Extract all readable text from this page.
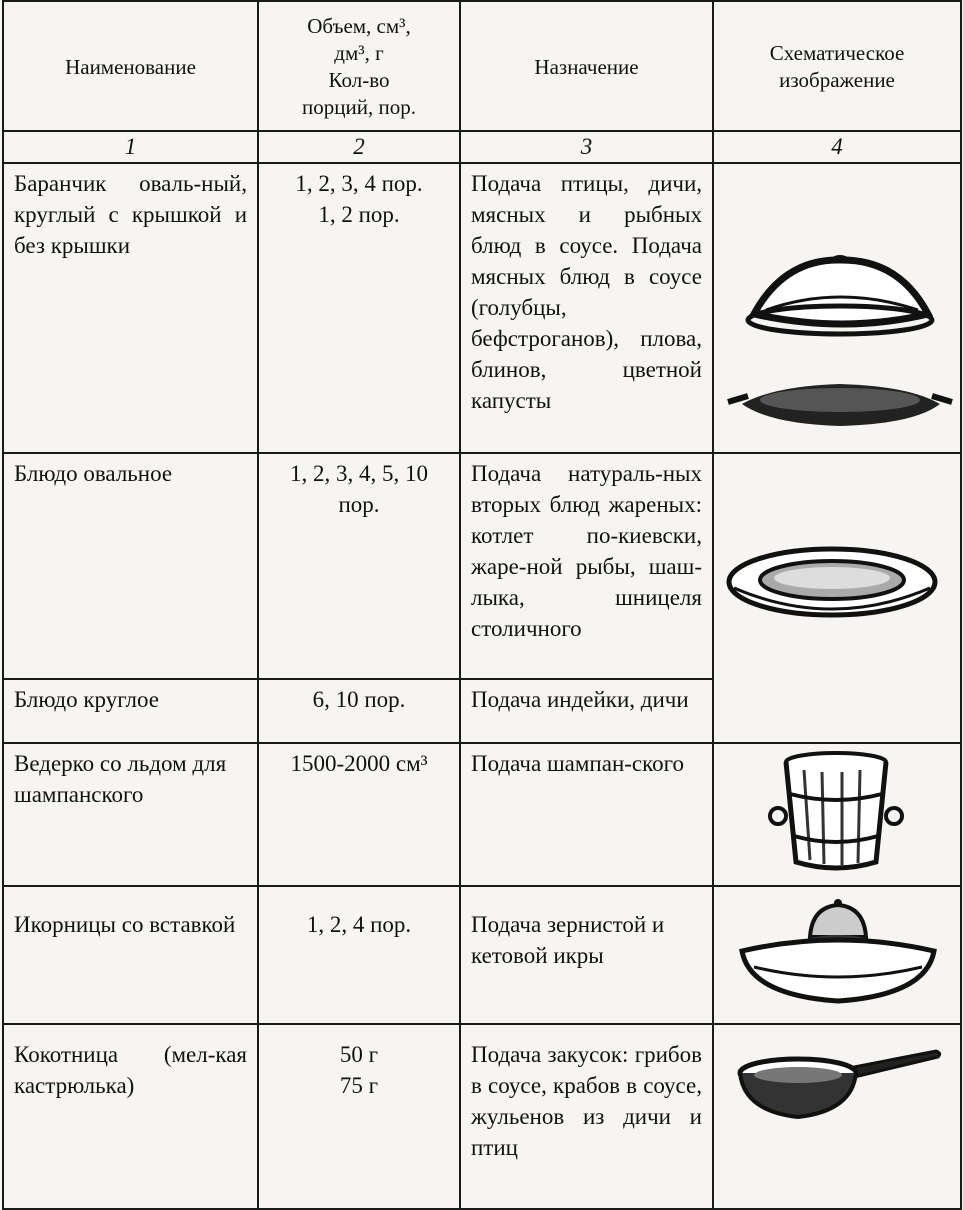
Наименование	Объем, см³,
дм³, г
Кол-во
порций, пор.	Назначение	Схематическое
изображение

1	2	3	4
Баранчик оваль-ный, круглый с крышкой и без крышки	1, 2, 3, 4 пор.
1, 2 пор.	Подача птицы, дичи, мясных и рыбных блюд в соусе. Подача мясных блюд в соусе (голубцы, бефстроганов), плова, блинов, цветной капусты	

Блюдо овальное	1, 2, 3, 4, 5, 10
пор.	Подача натураль-ных вторых блюд жареных: котлет по-киевски, жаре-ной рыбы, шаш-лыка, шницеля столичного	

Блюдо круглое	6, 10 пор.	Подача индейки, дичи	
Ведерко со льдом для шампанского	1500-2000 см³	Подача шампан-ского	

Икорницы со вставкой	1, 2, 4 пор.	Подача зернистой и кетовой икры	

Кокотница (мел-кая кастрюлька)	50 г
75 г	Подача закусок: грибов в соусе, крабов в соусе, жульенов из дичи и птиц	
